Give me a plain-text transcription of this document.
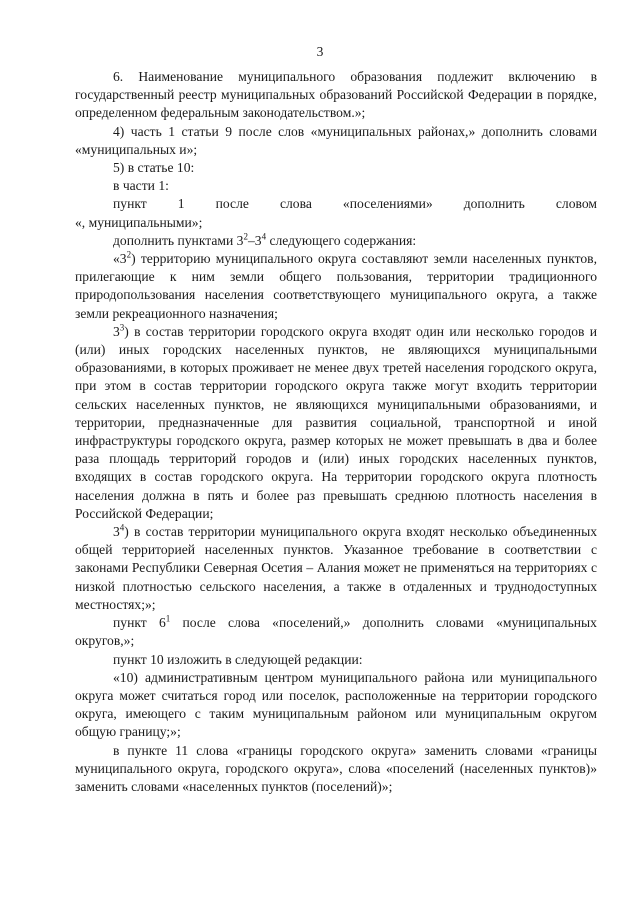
3

6. Наименование муниципального образования подлежит включению в государственный реестр муниципальных образований Российской Федерации в порядке, определенном федеральным законодательством.»;

4) часть 1 статьи 9 после слов «муниципальных районах,» дополнить словами «муниципальных и»;

5) в статье 10:

в части 1:

пункт 1 после слова «поселениями» дополнить словом

«, муниципальными»;

дополнить пунктами $3^2-3^4$ следующего содержания:

«$3^2$) территорию муниципального округа составляют земли населенных пунктов, прилегающие к ним земли общего пользования, территории традиционного природопользования населения соответствующего муниципального округа, а также земли рекреационного назначения;

$3^3$) в состав территории городского округа входят один или несколько городов и (или) иных городских населенных пунктов, не являющихся муниципальными образованиями, в которых проживает не менее двух третей населения городского округа, при этом в состав территории городского округа также могут входить территории сельских населенных пунктов, не являющихся муниципальными образованиями, и территории, предназначенные для развития социальной, транспортной и иной инфраструктуры городского округа, размер которых не может превышать в два и более раза площадь территорий городов и (или) иных городских населенных пунктов, входящих в состав городского округа. На территории городского округа плотность населения должна в пять и более раз превышать среднюю плотность населения в Российской Федерации;

$3^4$) в состав территории муниципального округа входят несколько объединенных общей территорией населенных пунктов. Указанное требование в соответствии с законами Республики Северная Осетия – Алания может не применяться на территориях с низкой плотностью сельского населения, а также в отдаленных и труднодоступных местностях;»;

пункт $6^1$ после слова «поселений,» дополнить словами «муниципальных округов,»;

пункт 10 изложить в следующей редакции:

«10) административным центром муниципального района или муниципального округа может считаться город или поселок, расположенные на территории городского округа, имеющего с таким муниципальным районом или муниципальным округом общую границу;»;

в пункте 11 слова «границы городского округа» заменить словами «границы муниципального округа, городского округа», слова «поселений (населенных пунктов)» заменить словами «населенных пунктов (поселений)»;
